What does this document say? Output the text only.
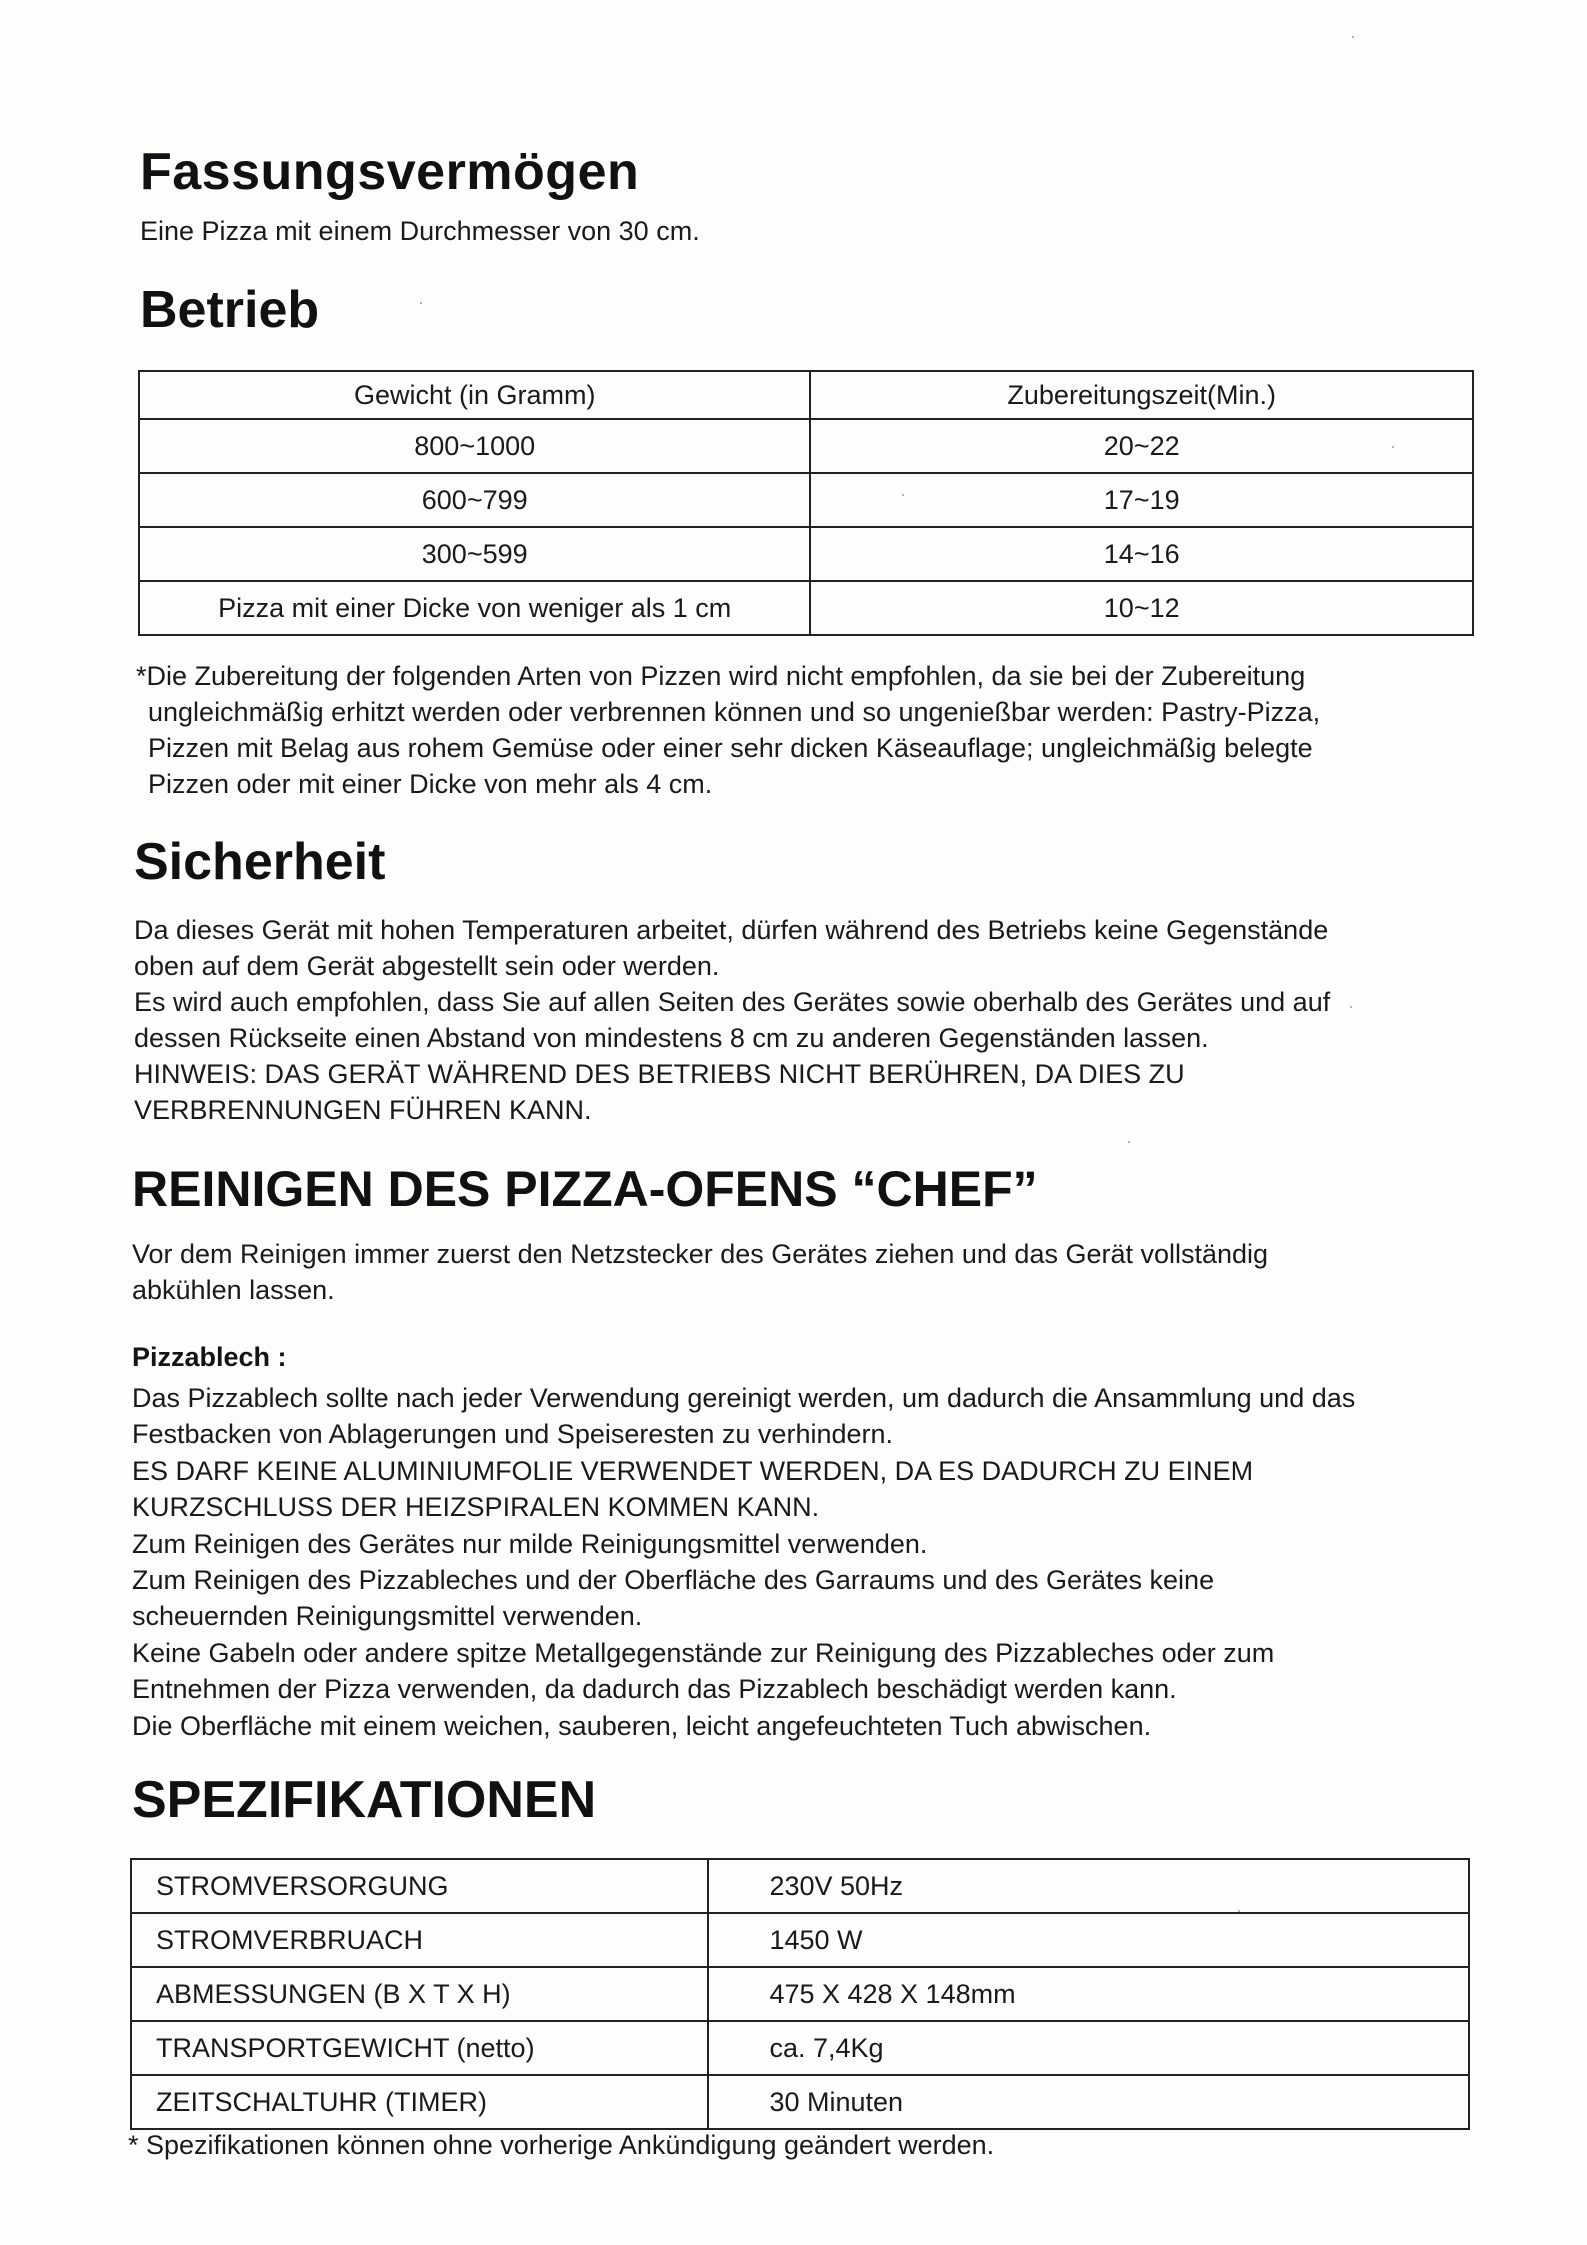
Fassungsvermögen

Eine Pizza mit einem Durchmesser von 30 cm.

Betrieb
Gewicht (in Gramm)	Zubereitungszeit(Min.)
800~1000	20~22
600~799	17~19
300~599	14~16
Pizza mit einer Dicke von weniger als 1 cm	10~12
*Die Zubereitung der folgenden Arten von Pizzen wird nicht empfohlen, da sie bei der Zubereitung
ungleichmäßig erhitzt werden oder verbrennen können und so ungenießbar werden: Pastry-Pizza,
Pizzen mit Belag aus rohem Gemüse oder einer sehr dicken Käseauflage; ungleichmäßig belegte
Pizzen oder mit einer Dicke von mehr als 4 cm.
Sicherheit
Da dieses Gerät mit hohen Temperaturen arbeitet, dürfen während des Betriebs keine Gegenstände
oben auf dem Gerät abgestellt sein oder werden.
Es wird auch empfohlen, dass Sie auf allen Seiten des Gerätes sowie oberhalb des Gerätes und auf
dessen Rückseite einen Abstand von mindestens 8 cm zu anderen Gegenständen lassen.
HINWEIS: DAS GERÄT WÄHREND DES BETRIEBS NICHT BERÜHREN, DA DIES ZU
VERBRENNUNGEN FÜHREN KANN.
REINIGEN DES PIZZA-OFENS “CHEF”
Vor dem Reinigen immer zuerst den Netzstecker des Gerätes ziehen und das Gerät vollständig
abkühlen lassen.

Pizzablech :

Das Pizzablech sollte nach jeder Verwendung gereinigt werden, um dadurch die Ansammlung und das
Festbacken von Ablagerungen und Speiseresten zu verhindern.
ES DARF KEINE ALUMINIUMFOLIE VERWENDET WERDEN, DA ES DADURCH ZU EINEM
KURZSCHLUSS DER HEIZSPIRALEN KOMMEN KANN.
Zum Reinigen des Gerätes nur milde Reinigungsmittel verwenden.
Zum Reinigen des Pizzableches und der Oberfläche des Garraums und des Gerätes keine
scheuernden Reinigungsmittel verwenden.
Keine Gabeln oder andere spitze Metallgegenstände zur Reinigung des Pizzableches oder zum
Entnehmen der Pizza verwenden, da dadurch das Pizzablech beschädigt werden kann.
Die Oberfläche mit einem weichen, sauberen, leicht angefeuchteten Tuch abwischen.
SPEZIFIKATIONEN
STROMVERSORGUNG	230V 50Hz
STROMVERBRUACH	1450 W
ABMESSUNGEN (B X T X H)	475 X 428 X 148mm
TRANSPORTGEWICHT (netto)	ca. 7,4Kg
ZEITSCHALTUHR (TIMER)	30 Minuten

* Spezifikationen können ohne vorherige Ankündigung geändert werden.
